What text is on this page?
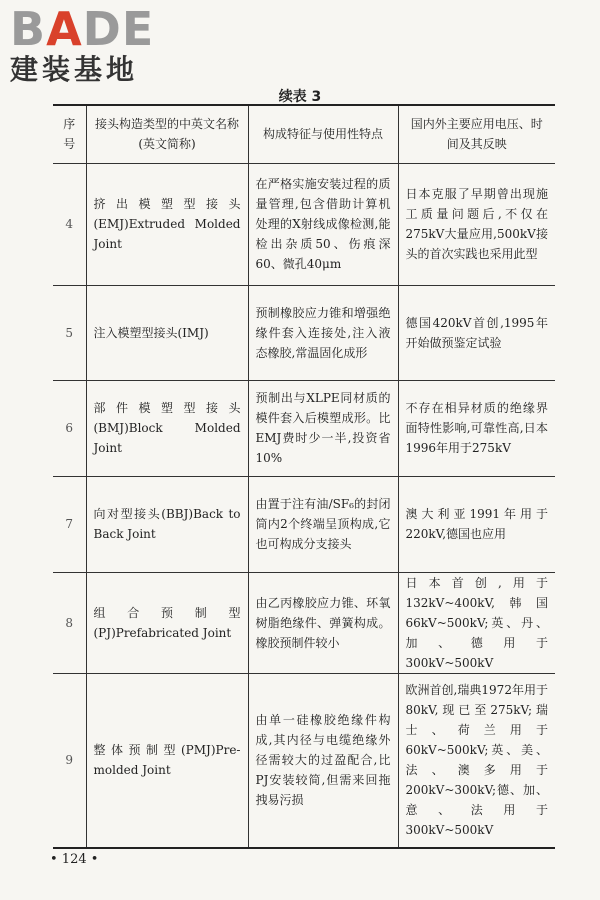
BADE
建装基地
续表 3
序号	接头构造类型的中英文名称(英文简称)	构成特征与使用性特点	国内外主要应用电压、时间及其反映
4	挤出模塑型接头(EMJ)Extruded Molded Joint	在严格实施安装过程的质量管理,包含借助计算机处理的X射线成像检测,能检出杂质50、伤痕深60、微孔40μm	日本克服了早期曾出现施工质量问题后,不仅在275kV大量应用,500kV接头的首次实践也采用此型
5	注入模塑型接头(IMJ)	预制橡胶应力锥和增强绝缘件套入连接处,注入液态橡胶,常温固化成形	德国420kV首创,1995年开始做预鉴定试验
6	部件模塑型接头(BMJ)Block Molded Joint	预制出与XLPE同材质的模件套入后模塑成形。比EMJ费时少一半,投资省10%	不存在相异材质的绝缘界面特性影响,可靠性高,日本1996年用于275kV
7	向对型接头(BBJ)Back to Back Joint	由置于注有油/SF₆的封闭筒内2个终端呈顶构成,它也可构成分支接头	澳大利亚1991年用于220kV,德国也应用
8	组合预制型(PJ)Prefabricated Joint	由乙丙橡胶应力锥、环氧树脂绝缘件、弹簧构成。橡胶预制件较小	日本首创,用于132kV~400kV,韩国66kV~500kV;英、丹、加、德用于300kV~500kV
9	整体预制型(PMJ)Pre-molded Joint	由单一硅橡胶绝缘件构成,其内径与电缆绝缘外径需较大的过盈配合,比PJ安装较简,但需来回拖拽易污损	欧洲首创,瑞典1972年用于80kV,现已至275kV;瑞士、荷兰用于60kV~500kV;英、美、法、澳多用于200kV~300kV;德、加、意、法用于300kV~500kV
• 124 •
